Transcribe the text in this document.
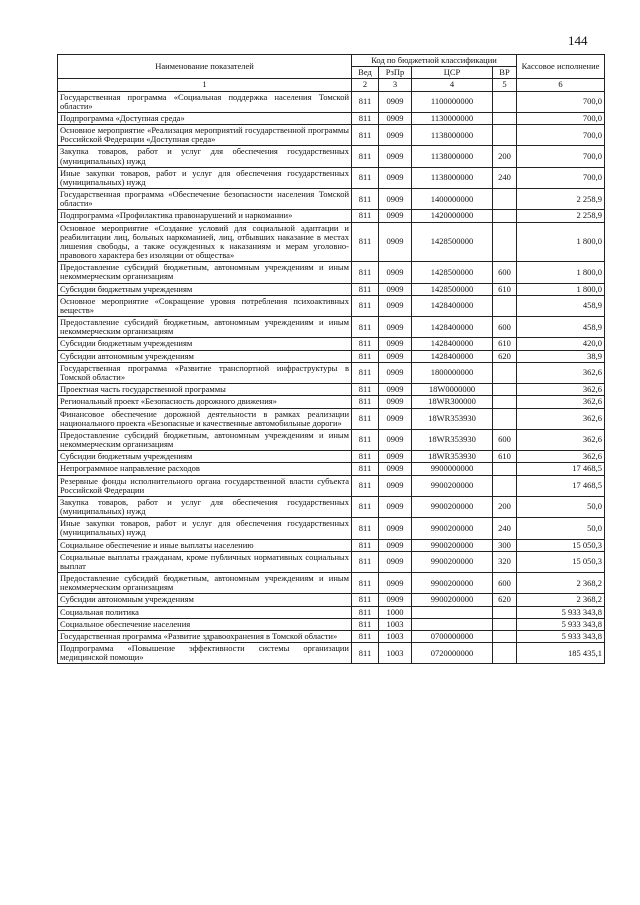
144
Наименование показателей	Код по бюджетной классификации				Кассовое исполнение
	Вед	РзПр	ЦСР	ВР	
1	2	3	4	5	6
Государственная программа «Социальная поддержка населения Томской области»	811	0909	1100000000		700,0
Подпрограмма «Доступная среда»	811	0909	1130000000		700,0
Основное мероприятие «Реализация мероприятий государственной программы Российской Федерации «Доступная среда»	811	0909	1138000000		700,0
Закупка товаров, работ и услуг для обеспечения государственных (муниципальных) нужд	811	0909	1138000000	200	700,0
Иные закупки товаров, работ и услуг для обеспечения государственных (муниципальных) нужд	811	0909	1138000000	240	700,0
Государственная программа «Обеспечение безопасности населения Томской области»	811	0909	1400000000		2 258,9
Подпрограмма «Профилактика правонарушений и наркомании»	811	0909	1420000000		2 258,9
Основное мероприятие «Создание условий для социальной адаптации и реабилитации лиц, больных наркоманией, лиц, отбывших наказание в местах лишения свободы, а также осужденных к наказаниям и мерам уголовно-правового характера без изоляции от общества»	811	0909	1428500000		1 800,0
Предоставление субсидий бюджетным, автономным учреждениям и иным некоммерческим организациям	811	0909	1428500000	600	1 800,0
Субсидии бюджетным учреждениям	811	0909	1428500000	610	1 800,0
Основное мероприятие «Сокращение уровня потребления психоактивных веществ»	811	0909	1428400000		458,9
Предоставление субсидий бюджетным, автономным учреждениям и иным некоммерческим организациям	811	0909	1428400000	600	458,9
Субсидии бюджетным учреждениям	811	0909	1428400000	610	420,0
Субсидии автономным учреждениям	811	0909	1428400000	620	38,9
Государственная программа «Развитие транспортной инфраструктуры в Томской области»	811	0909	1800000000		362,6
Проектная часть государственной программы	811	0909	18W0000000		362,6
Региональный проект «Безопасность дорожного движения»	811	0909	18WR300000		362,6
Финансовое обеспечение дорожной деятельности в рамках реализации национального проекта «Безопасные и качественные автомобильные дороги»	811	0909	18WR353930		362,6
Предоставление субсидий бюджетным, автономным учреждениям и иным некоммерческим организациям	811	0909	18WR353930	600	362,6
Субсидии бюджетным учреждениям	811	0909	18WR353930	610	362,6
Непрограммное направление расходов	811	0909	9900000000		17 468,5
Резервные фонды исполнительного органа государственной власти субъекта Российской Федерации	811	0909	9900200000		17 468,5
Закупка товаров, работ и услуг для обеспечения государственных (муниципальных) нужд	811	0909	9900200000	200	50,0
Иные закупки товаров, работ и услуг для обеспечения государственных (муниципальных) нужд	811	0909	9900200000	240	50,0
Социальное обеспечение и иные выплаты населению	811	0909	9900200000	300	15 050,3
Социальные выплаты гражданам, кроме публичных нормативных социальных выплат	811	0909	9900200000	320	15 050,3
Предоставление субсидий бюджетным, автономным учреждениям и иным некоммерческим организациям	811	0909	9900200000	600	2 368,2
Субсидии автономным учреждениям	811	0909	9900200000	620	2 368,2
Социальная политика	811	1000			5 933 343,8
Социальное обеспечение населения	811	1003			5 933 343,8
Государственная программа «Развитие здравоохранения в Томской области»	811	1003	0700000000		5 933 343,8
Подпрограмма «Повышение эффективности системы организации медицинской помощи»	811	1003	0720000000		185 435,1
